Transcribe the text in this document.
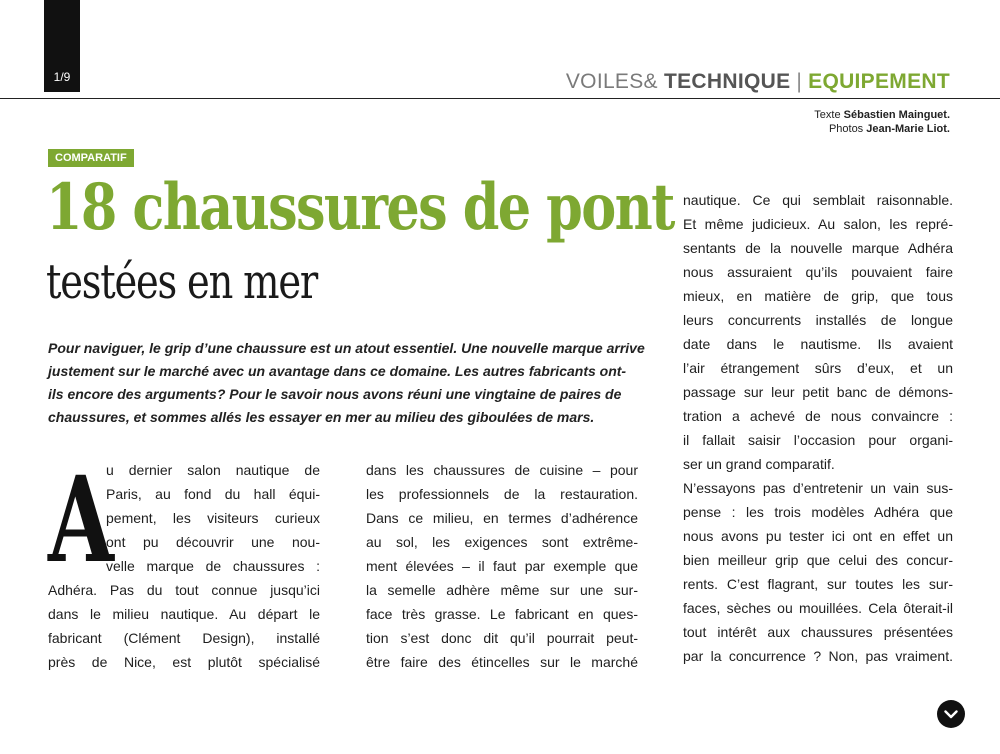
1/9	VOILES& TECHNIQUE | EQUIPEMENT
Texte Sébastien Mainguet.
Photos Jean-Marie Liot.
COMPARATIF
18 chaussures de pont
testées en mer
Pour naviguer, le grip d’une chaussure est un atout essentiel. Une nouvelle marque arrive
justement sur le marché avec un avantage dans ce domaine. Les autres fabricants ont-
ils encore des arguments? Pour le savoir nous avons réuni une vingtaine de paires de
chaussures, et sommes allés les essayer en mer au milieu des giboulées de mars.
A
u dernier salon nautique de
Paris, au fond du hall équi-
pement, les visiteurs curieux
ont pu découvrir une nou-
velle marque de chaussures :
Adhéra. Pas du tout connue jusqu’ici
dans le milieu nautique. Au départ le
fabricant (Clément Design), installé
près de Nice, est plutôt spécialisé
dans les chaussures de cuisine – pour
les professionnels de la restauration.
Dans ce milieu, en termes d’adhérence
au sol, les exigences sont extrême-
ment élevées – il faut par exemple que
la semelle adhère même sur une sur-
face très grasse. Le fabricant en ques-
tion s’est donc dit qu’il pourrait peut-
être faire des étincelles sur le marché
nautique. Ce qui semblait raisonnable.
Et même judicieux. Au salon, les repré-
sentants de la nouvelle marque Adhéra
nous assuraient qu’ils pouvaient faire
mieux, en matière de grip, que tous
leurs concurrents installés de longue
date dans le nautisme. Ils avaient
l’air étrangement sûrs d’eux, et un
passage sur leur petit banc de démons-
tration a achevé de nous convaincre :
il fallait saisir l’occasion pour organi-
ser un grand comparatif.
N’essayons pas d’entretenir un vain sus-
pense : les trois modèles Adhéra que
nous avons pu tester ici ont en effet un
bien meilleur grip que celui des concur-
rents. C’est flagrant, sur toutes les sur-
faces, sèches ou mouillées. Cela ôterait-il
tout intérêt aux chaussures présentées
par la concurrence ? Non, pas vraiment.
